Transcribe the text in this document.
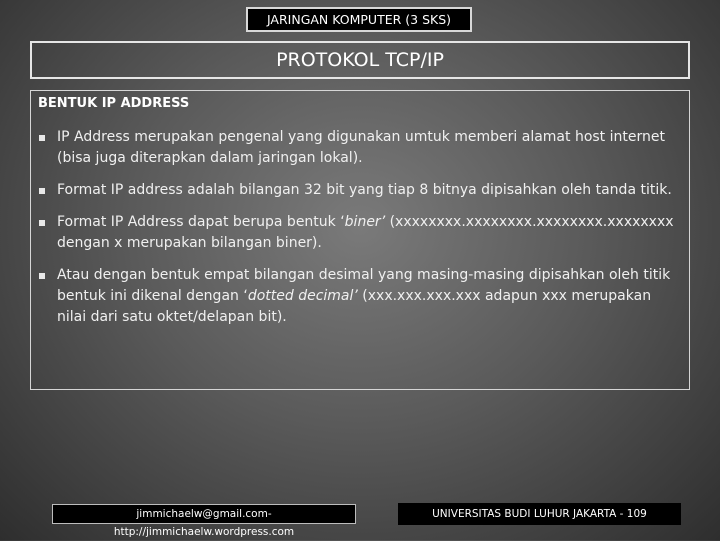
JARINGAN KOMPUTER (3 SKS)
PROTOKOL TCP/IP
BENTUK IP ADDRESS
IP Address merupakan pengenal yang digunakan umtuk memberi alamat host internet (bisa juga diterapkan dalam jaringan lokal).
Format IP address adalah bilangan 32 bit yang tiap 8 bitnya dipisahkan oleh tanda titik.
Format IP Address dapat berupa bentuk ‘biner’ (xxxxxxxx.xxxxxxxx.xxxxxxxx.xxxxxxxx dengan x merupakan bilangan biner).
Atau dengan bentuk empat bilangan desimal yang masing-masing dipisahkan oleh titik bentuk ini dikenal dengan ‘dotted decimal’ (xxx.xxx.xxx.xxx adapun xxx merupakan nilai dari satu oktet/delapan bit).
jimmichaelw@gmail.com- http://jimmichaelw.wordpress.com
UNIVERSITAS BUDI LUHUR JAKARTA - 109
